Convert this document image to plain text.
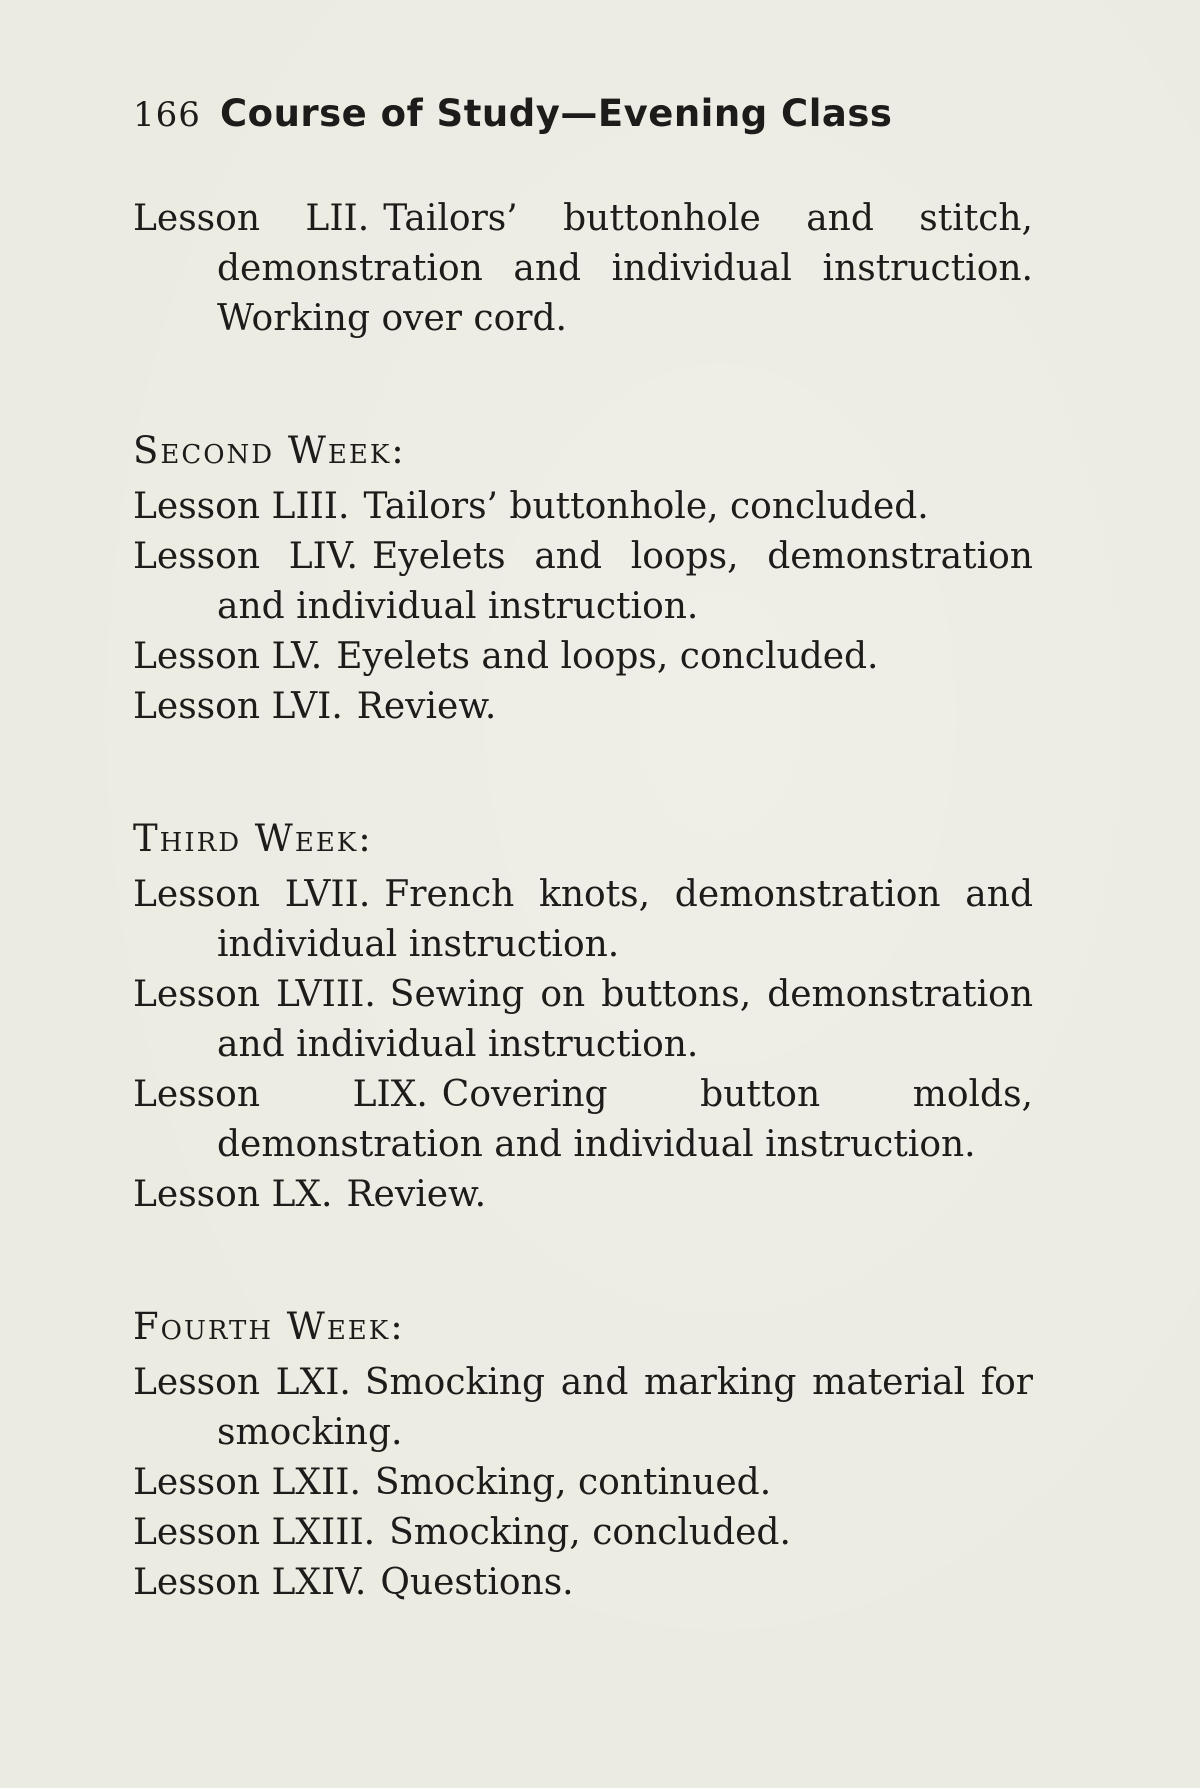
166 Course of Study—Evening Class

Lesson LII. Tailors’ buttonhole and stitch, demonstration and individual instruction. Working over cord.

Second Week:

Lesson LIII. Tailors’ buttonhole, concluded.

Lesson LIV. Eyelets and loops, demonstration and individual instruction.

Lesson LV. Eyelets and loops, concluded.

Lesson LVI. Review.

Third Week:

Lesson LVII. French knots, demonstration and individual instruction.

Lesson LVIII. Sewing on buttons, demonstration and individual instruction.

Lesson LIX. Covering button molds, demonstration and individual instruction.

Lesson LX. Review.

Fourth Week:

Lesson LXI. Smocking and marking material for smocking.

Lesson LXII. Smocking, continued.

Lesson LXIII. Smocking, concluded.

Lesson LXIV. Questions.
